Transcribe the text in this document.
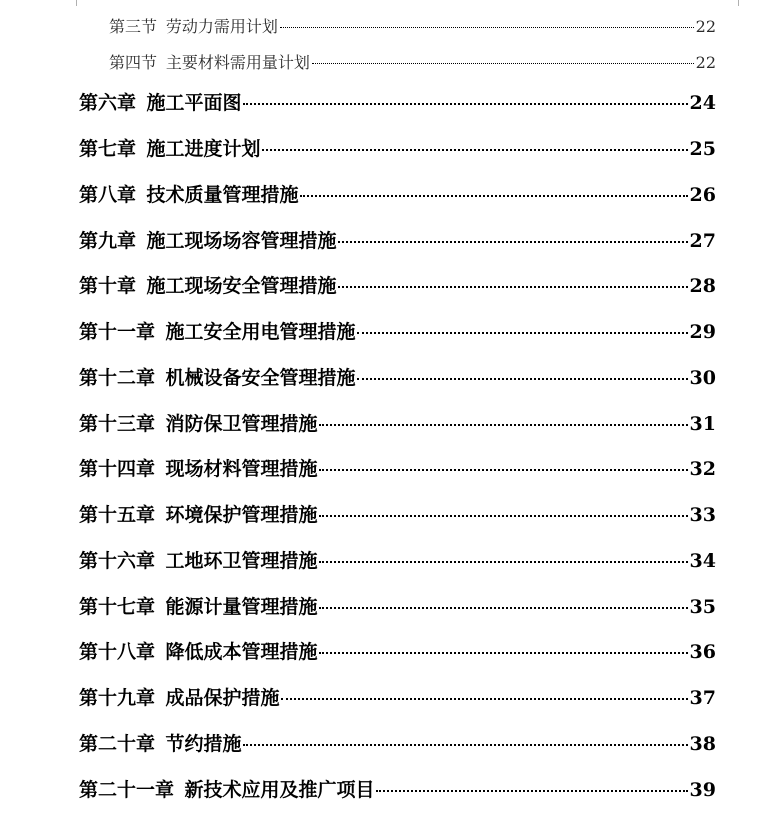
第三节 劳动力需用计划	22
第四节 主要材料需用量计划	22
第六章 施工平面图	24
第七章 施工进度计划	25
第八章 技术质量管理措施	26
第九章 施工现场场容管理措施	27
第十章 施工现场安全管理措施	28
第十一章 施工安全用电管理措施	29
第十二章 机械设备安全管理措施	30
第十三章 消防保卫管理措施	31
第十四章 现场材料管理措施	32
第十五章 环境保护管理措施	33
第十六章 工地环卫管理措施	34
第十七章 能源计量管理措施	35
第十八章 降低成本管理措施	36
第十九章 成品保护措施	37
第二十章 节约措施	38
第二十一章 新技术应用及推广项目	39
